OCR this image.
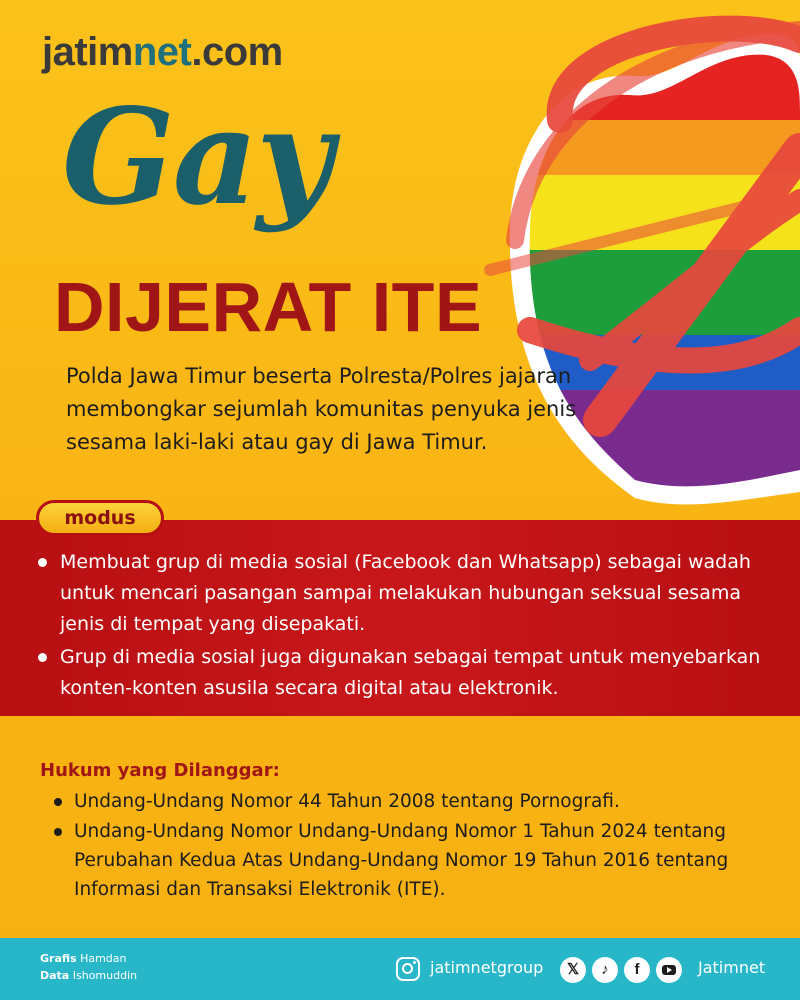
jatimnet.com
Gay
DIJERAT ITE

Polda Jawa Timur beserta Polresta/Polres jajaran membongkar sejumlah komunitas penyuka jenis sesama laki-laki atau gay di Jawa Timur.

modus
Membuat grup di media sosial (Facebook dan Whatsapp) sebagai wadah untuk mencari pasangan sampai melakukan hubungan seksual sesama jenis di tempat yang disepakati.
Grup di media sosial juga digunakan sebagai tempat untuk menyebarkan konten-konten asusila secara digital atau elektronik.
Hukum yang Dilanggar:
Undang-Undang Nomor 44 Tahun 2008 tentang Pornografi.
Undang-Undang Nomor Undang-Undang Nomor 1 Tahun 2024 tentang Perubahan Kedua Atas Undang-Undang Nomor 19 Tahun 2016 tentang Informasi dan Transaksi Elektronik (ITE).
Grafis Hamdan
Data Ishomuddin	jatimnetgroup	𝕏	♪	f	Jatimnet
